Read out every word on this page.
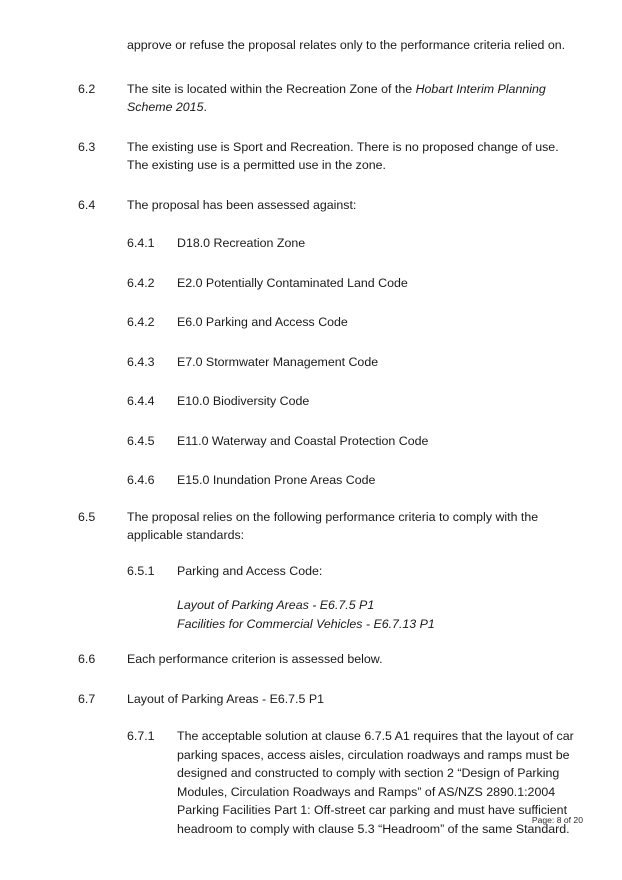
approve or refuse the proposal relates only to the performance criteria relied on.
6.2	The site is located within the Recreation Zone of the Hobart Interim Planning Scheme 2015.
6.3	The existing use is Sport and Recreation. There is no proposed change of use. The existing use is a permitted use in the zone.
6.4	The proposal has been assessed against:
6.4.1	D18.0 Recreation Zone
6.4.2	E2.0 Potentially Contaminated Land Code
6.4.2	E6.0 Parking and Access Code
6.4.3	E7.0 Stormwater Management Code
6.4.4	E10.0 Biodiversity Code
6.4.5	E11.0 Waterway and Coastal Protection Code
6.4.6	E15.0 Inundation Prone Areas Code
6.5	The proposal relies on the following performance criteria to comply with the applicable standards:
6.5.1	Parking and Access Code:
Layout of Parking Areas - E6.7.5 P1
Facilities for Commercial Vehicles - E6.7.13 P1
6.6	Each performance criterion is assessed below.
6.7	Layout of Parking Areas - E6.7.5 P1
6.7.1	The acceptable solution at clause 6.7.5 A1 requires that the layout of car parking spaces, access aisles, circulation roadways and ramps must be designed and constructed to comply with section 2 “Design of Parking Modules, Circulation Roadways and Ramps” of AS/NZS 2890.1:2004 Parking Facilities Part 1: Off-street car parking and must have sufficient headroom to comply with clause 5.3 “Headroom” of the same Standard.
Page: 8 of 20
